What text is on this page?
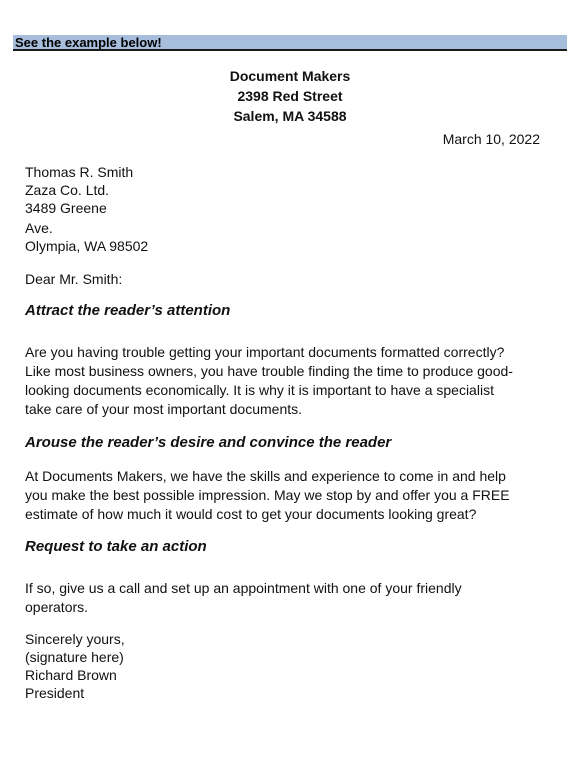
See the example below!
Document Makers
2398 Red Street
Salem, MA 34588
March 10, 2022
Thomas R. Smith
Zaza Co. Ltd.
3489 Greene
Ave.
Olympia, WA 98502
Dear Mr. Smith:
Attract the reader’s attention
Are you having trouble getting your important documents formatted correctly?
Like most business owners, you have trouble finding the time to produce good-
looking documents economically. It is why it is important to have a specialist
take care of your most important documents.
Arouse the reader’s desire and convince the reader
At Documents Makers, we have the skills and experience to come in and help
you make the best possible impression. May we stop by and offer you a FREE
estimate of how much it would cost to get your documents looking great?
Request to take an action
If so, give us a call and set up an appointment with one of your friendly
operators.
Sincerely yours,
(signature here)
Richard Brown
President
